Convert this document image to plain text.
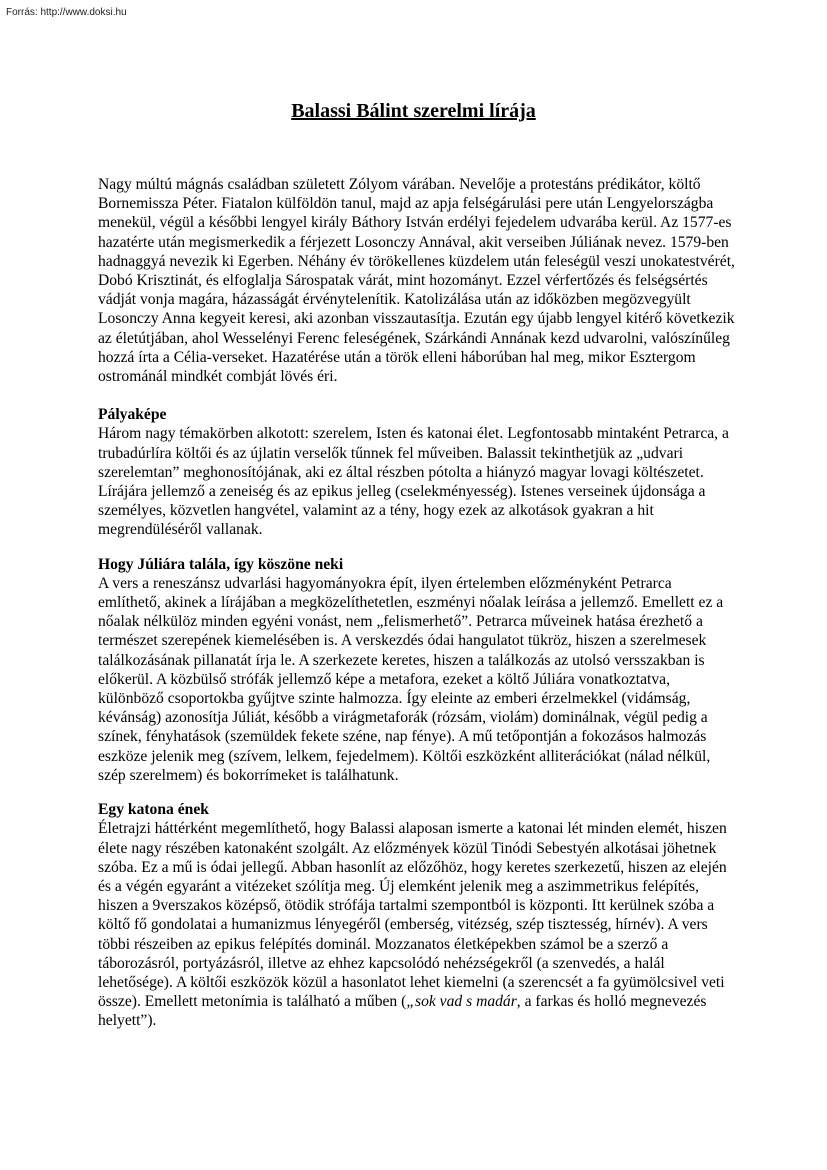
Forrás: http://www.doksi.hu
Balassi Bálint szerelmi lírája

Nagy múltú mágnás családban született Zólyom várában. Nevelője a protestáns prédikátor, költő Bornemissza Péter. Fiatalon külföldön tanul, majd az apja felségárulási pere után Lengyelországba menekül, végül a későbbi lengyel király Báthory István erdélyi fejedelem udvarába kerül. Az 1577-es hazatérte után megismerkedik a férjezett Losonczy Annával, akit verseiben Júliának nevez. 1579-ben hadnaggyá nevezik ki Egerben. Néhány év törökellenes küzdelem után feleségül veszi unokatestvérét, Dobó Krisztinát, és elfoglalja Sárospatak várát, mint hozományt. Ezzel vérfertőzés és felségsértés vádját vonja magára, házasságát érvénytelenítik. Katolizálása után az időközben megözvegyült Losonczy Anna kegyeit keresi, aki azonban visszautasítja. Ezután egy újabb lengyel kitérő következik az életútjában, ahol Wesselényi Ferenc feleségének, Szárkándi Annának kezd udvarolni, valószínűleg hozzá írta a Célia-verseket. Hazatérése után a török elleni háborúban hal meg, mikor Esztergom ostrománál mindkét combját lövés éri.

Pályaképe

Három nagy témakörben alkotott: szerelem, Isten és katonai élet. Legfontosabb mintaként Petrarca, a trubadúrlíra költői és az újlatin verselők tűnnek fel műveiben. Balassit tekinthetjük az „udvari szerelemtan” meghonosítójának, aki ez által részben pótolta a hiányzó magyar lovagi költészetet. Lírájára jellemző a zeneiség és az epikus jelleg (cselekményesség). Istenes verseinek újdonsága a személyes, közvetlen hangvétel, valamint az a tény, hogy ezek az alkotások gyakran a hit megrendüléséről vallanak.

Hogy Júliára talála, így köszöne neki

A vers a reneszánsz udvarlási hagyományokra épít, ilyen értelemben előzményként Petrarca említhető, akinek a lírájában a megközelíthetetlen, eszményi nőalak leírása a jellemző. Emellett ez a nőalak nélkülöz minden egyéni vonást, nem „felismerhető”. Petrarca műveinek hatása érezhető a természet szerepének kiemelésében is. A verskezdés ódai hangulatot tükröz, hiszen a szerelmesek találkozásának pillanatát írja le. A szerkezete keretes, hiszen a találkozás az utolsó versszakban is előkerül. A közbülső strófák jellemző képe a metafora, ezeket a költő Júliára vonatkoztatva, különböző csoportokba gyűjtve szinte halmozza. Így eleinte az emberi érzelmekkel (vidámság, kévánság) azonosítja Júliát, később a virágmetaforák (rózsám, violám) dominálnak, végül pedig a színek, fényhatások (szemüldek fekete széne, nap fénye). A mű tetőpontján a fokozásos halmozás eszköze jelenik meg (szívem, lelkem, fejedelmem). Költői eszközként alliterációkat (nálad nélkül, szép szerelmem) és bokorrímeket is találhatunk.

Egy katona ének

Életrajzi háttérként megemlíthető, hogy Balassi alaposan ismerte a katonai lét minden elemét, hiszen élete nagy részében katonaként szolgált. Az előzmények közül Tinódi Sebestyén alkotásai jöhetnek szóba. Ez a mű is ódai jellegű. Abban hasonlít az előzőhöz, hogy keretes szerkezetű, hiszen az elején és a végén egyaránt a vitézeket szólítja meg. Új elemként jelenik meg a aszimmetrikus felépítés, hiszen a 9verszakos középső, ötödik strófája tartalmi szempontból is központi. Itt kerülnek szóba a költő fő gondolatai a humanizmus lényegéről (emberség, vitézség, szép tisztesség, hírnév). A vers többi részeiben az epikus felépítés dominál. Mozzanatos életképekben számol be a szerző a táborozásról, portyázásról, illetve az ehhez kapcsolódó nehézségekről (a szenvedés, a halál lehetősége). A költői eszközök közül a hasonlatot lehet kiemelni (a szerencsét a fa gyümölcsivel veti össze). Emellett metonímia is található a műben („sok vad s madár, a farkas és holló megnevezés helyett”).
